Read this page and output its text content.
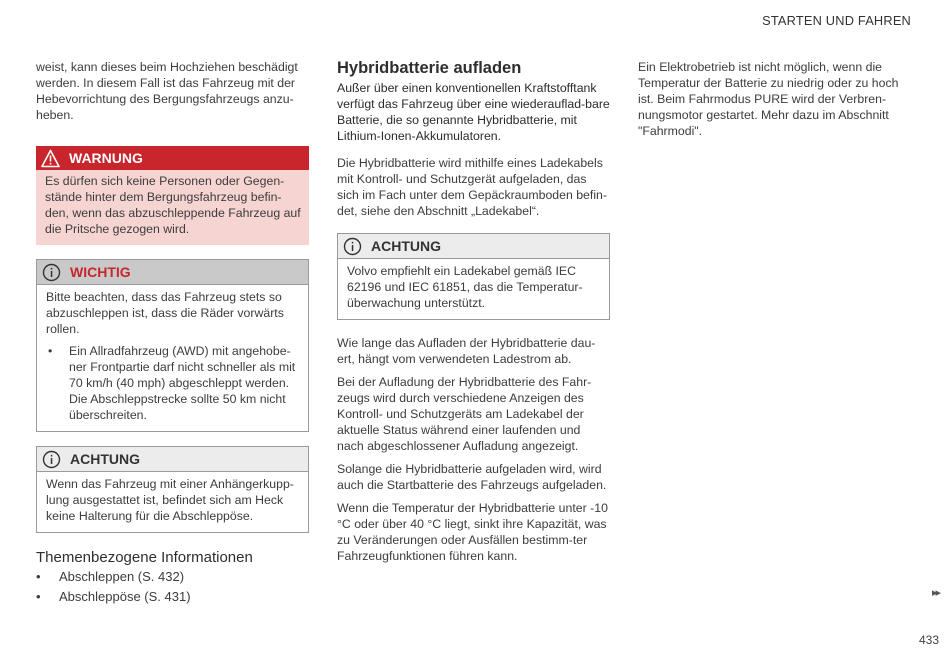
STARTEN UND FAHREN

weist, kann dieses beim Hochziehen beschädigt werden. In diesem Fall ist das Fahrzeug mit der Hebevorrichtung des Bergungsfahrzeugs anzu-heben.

WARNUNG
Es dürfen sich keine Personen oder Gegen-stände hinter dem Bergungsfahrzeug befin-den, wenn das abzuschleppende Fahrzeug auf die Pritsche gezogen wird.
WICHTIG

Bitte beachten, dass das Fahrzeug stets so abzuschleppen ist, dass die Räder vorwärts rollen.

• Ein Allradfahrzeug (AWD) mit angehobe-ner Frontpartie darf nicht schneller als mit 70 km/h (40 mph) abgeschleppt werden. Die Abschleppstrecke sollte 50 km nicht überschreiten.
ACHTUNG
Wenn das Fahrzeug mit einer Anhängerkupp-lung ausgestattet ist, befindet sich am Heck keine Halterung für die Abschleppöse.
Themenbezogene Informationen
• Abschleppen (S. 432)
• Abschleppöse (S. 431)
Hybridbatterie aufladen

Außer über einen konventionellen Kraftstofftank verfügt das Fahrzeug über eine wiederauflad-bare Batterie, die so genannte Hybridbatterie, mit Lithium-Ionen-Akkumulatoren.

Die Hybridbatterie wird mithilfe eines Ladekabels mit Kontroll- und Schutzgerät aufgeladen, das sich im Fach unter dem Gepäckraumboden befin-det, siehe den Abschnitt „Ladekabel“.

ACHTUNG
Volvo empfiehlt ein Ladekabel gemäß IEC 62196 und IEC 61851, das die Temperatur-überwachung unterstützt.

Wie lange das Aufladen der Hybridbatterie dau-ert, hängt vom verwendeten Ladestrom ab.

Bei der Aufladung der Hybridbatterie des Fahr-zeugs wird durch verschiedene Anzeigen des Kontroll- und Schutzgeräts am Ladekabel der aktuelle Status während einer laufenden und nach abgeschlossener Aufladung angezeigt.

Solange die Hybridbatterie aufgeladen wird, wird auch die Startbatterie des Fahrzeugs aufgeladen.

Wenn die Temperatur der Hybridbatterie unter -10 °C oder über 40 °C liegt, sinkt ihre Kapazität, was zu Veränderungen oder Ausfällen bestimm-ter Fahrzeugfunktionen führen kann.

Ein Elektrobetrieb ist nicht möglich, wenn die Temperatur der Batterie zu niedrig oder zu hoch ist. Beim Fahrmodus PURE wird der Verbren-nungsmotor gestartet. Mehr dazu im Abschnitt "Fahrmodi".

▸▸
433
